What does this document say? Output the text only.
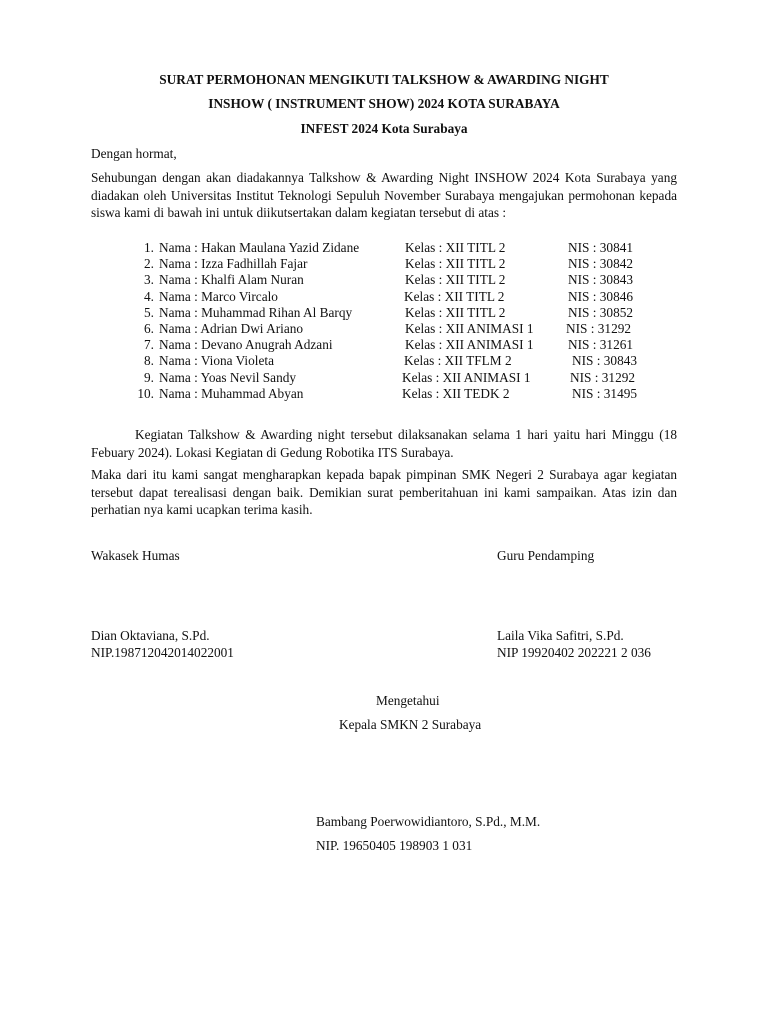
SURAT PERMOHONAN MENGIKUTI TALKSHOW & AWARDING NIGHT
INSHOW ( INSTRUMENT SHOW) 2024 KOTA SURABAYA
INFEST 2024 Kota Surabaya
Dengan hormat,
Sehubungan dengan akan diadakannya Talkshow & Awarding Night INSHOW 2024 Kota Surabaya yang diadakan oleh Universitas Institut Teknologi Sepuluh November Surabaya mengajukan permohonan kepada siswa kami di bawah ini untuk diikutsertakan dalam kegiatan tersebut di atas :
1. Nama : Hakan Maulana Yazid Zidane	Kelas : XII TITL 2	NIS : 30841
2. Nama : Izza Fadhillah Fajar	Kelas : XII TITL 2	NIS : 30842
3. Nama : Khalfi Alam Nuran	Kelas : XII TITL 2	NIS : 30843
4. Nama : Marco Vircalo	Kelas : XII TITL 2	NIS : 30846
5. Nama : Muhammad Rihan Al Barqy	Kelas : XII TITL 2	NIS : 30852
6. Nama : Adrian Dwi Ariano	Kelas : XII ANIMASI 1 NIS : 31292
7. Nama : Devano Anugrah Adzani	Kelas : XII ANIMASI 1	NIS : 31261
8. Nama : Viona Violeta	Kelas : XII TFLM 2	NIS : 30843
9. Nama : Yoas Nevil Sandy	Kelas : XII ANIMASI 1	NIS : 31292
10. Nama : Muhammad Abyan	Kelas : XII TEDK 2	NIS : 31495
Kegiatan Talkshow & Awarding night tersebut dilaksanakan selama 1 hari yaitu hari Minggu (18 Febuary 2024). Lokasi Kegiatan di Gedung Robotika ITS Surabaya.
Maka dari itu kami sangat mengharapkan kepada bapak pimpinan SMK Negeri 2 Surabaya agar kegiatan tersebut dapat terealisasi dengan baik. Demikian surat pemberitahuan ini kami sampaikan. Atas izin dan perhatian nya kami ucapkan terima kasih.
Wakasek Humas	Guru Pendamping
Dian Oktaviana, S.Pd.
NIP.198712042014022001
Laila Vika Safitri, S.Pd.
NIP 19920402 202221 2 036
Mengetahui
Kepala SMKN 2 Surabaya
Bambang Poerwowidiantoro, S.Pd., M.M.
NIP. 19650405 198903 1 031
